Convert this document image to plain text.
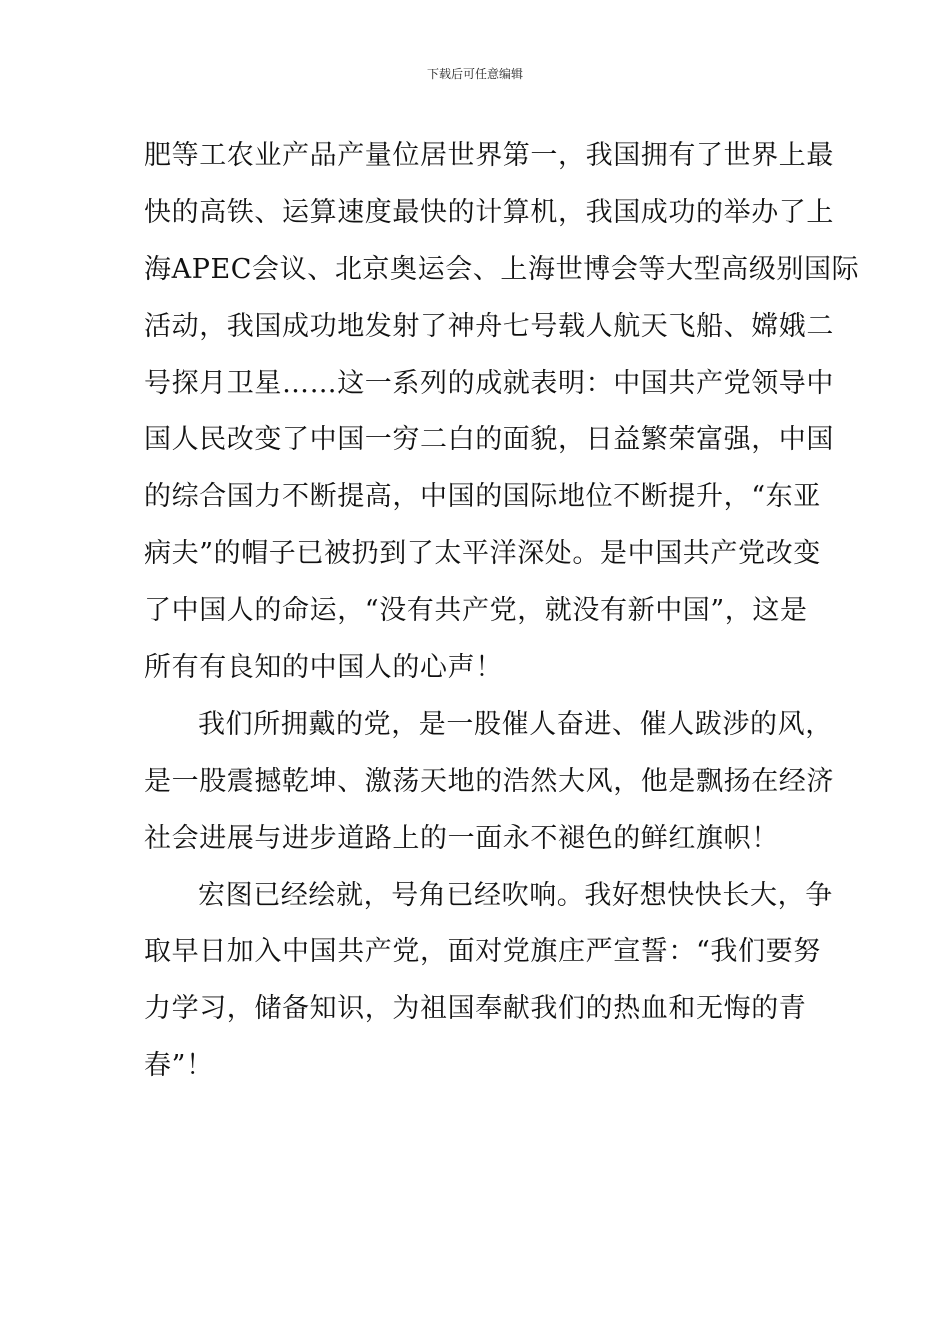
下载后可任意编辑
肥等工农业产品产量位居世界第一，我国拥有了世界上最
快的高铁、运算速度最快的计算机，我国成功的举办了上
海APEC会议、北京奥运会、上海世博会等大型高级别国际
活动，我国成功地发射了神舟七号载人航天飞船、嫦娥二
号探月卫星……这一系列的成就表明：中国共产党领导中
国人民改变了中国一穷二白的面貌，日益繁荣富强，中国
的综合国力不断提高，中国的国际地位不断提升，“东亚
病夫”的帽子已被扔到了太平洋深处。是中国共产党改变
了中国人的命运，“没有共产党，就没有新中国”，这是
所有有良知的中国人的心声！
我们所拥戴的党，是一股催人奋进、催人跋涉的风，
是一股震撼乾坤、激荡天地的浩然大风，他是飘扬在经济
社会进展与进步道路上的一面永不褪色的鲜红旗帜！
宏图已经绘就，号角已经吹响。我好想快快长大，争
取早日加入中国共产党，面对党旗庄严宣誓：“我们要努
力学习，储备知识，为祖国奉献我们的热血和无悔的青
春”！
